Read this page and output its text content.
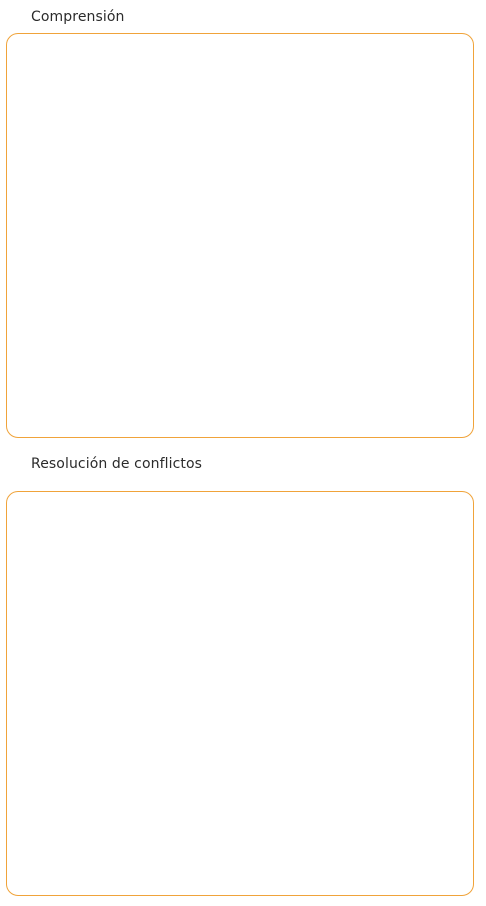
Comprensión
Resolución de conflictos
